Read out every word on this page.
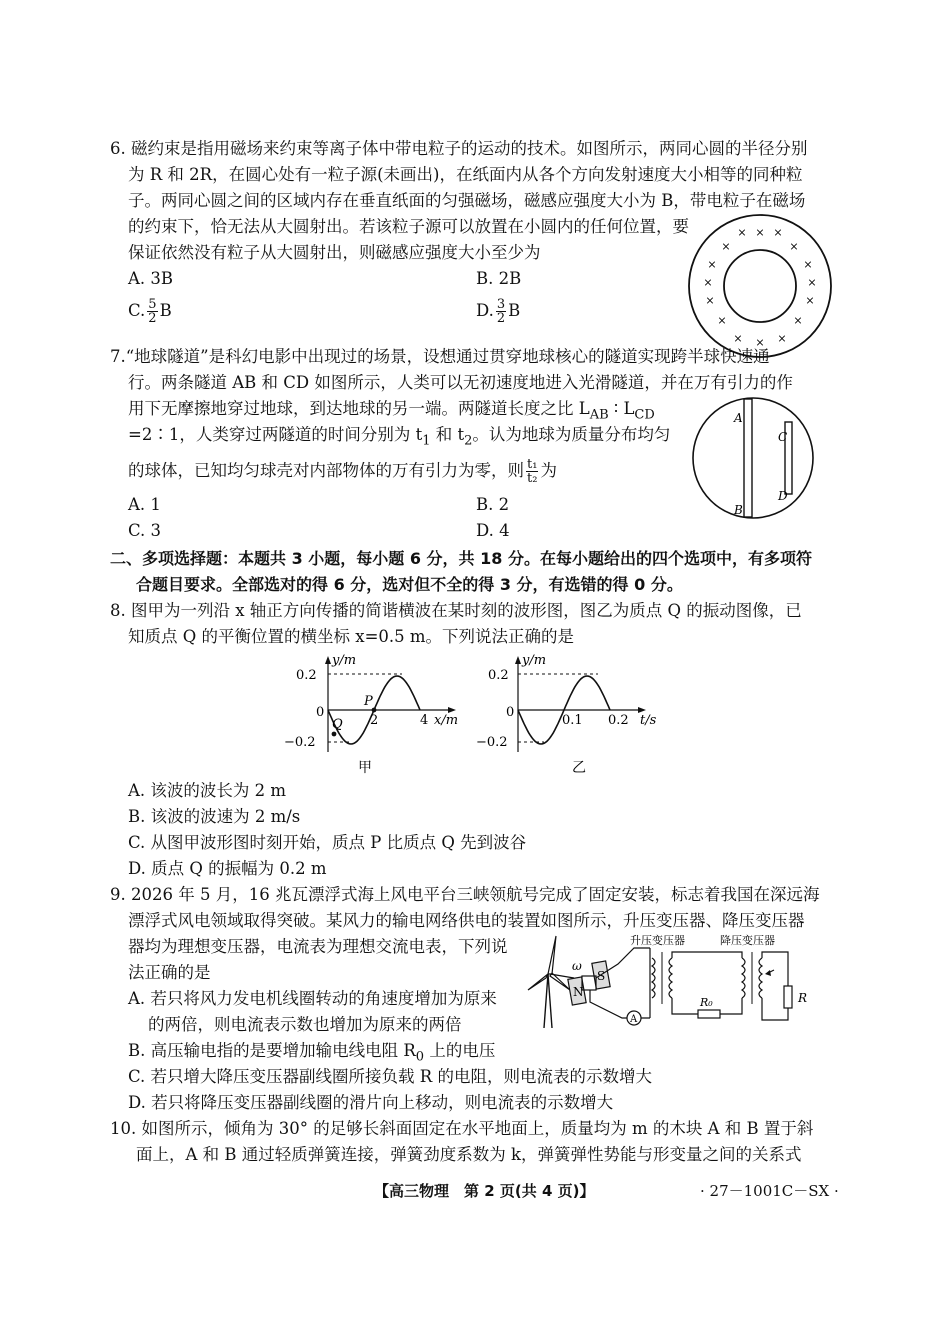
6. 磁约束是指用磁场来约束等离子体中带电粒子的运动的技术。如图所示，两同心圆的半径分别
为 R 和 2R，在圆心处有一粒子源(未画出)，在纸面内从各个方向发射速度大小相等的同种粒
子。两同心圆之间的区域内存在垂直纸面的匀强磁场，磁感应强度大小为 B，带电粒子在磁场
的约束下，恰无法从大圆射出。若该粒子源可以放置在小圆内的任何位置，要
保证依然没有粒子从大圆射出，则磁感应强度大小至少为
A. 3B	B. 2B
C. $\frac{5}{2}$ B	D. $\frac{3}{2}$ B
× × ×
×	×
×	×
×	×
×	×
×	×
× × ×
7.“地球隧道”是科幻电影中出现过的场景，设想通过贯穿地球核心的隧道实现跨半球快速通
行。两条隧道 AB 和 CD 如图所示，人类可以无初速度地进入光滑隧道，并在万有引力的作
用下无摩擦地穿过地球，到达地球的另一端。两隧道长度之比 $L_{AB}$ ∶ $L_{CD}$
=2∶1，人类穿过两隧道的时间分别为 $t_1$ 和 $t_2$。认为地球为质量分布均匀
的球体，已知均匀球壳对内部物体的万有引力为零，则 $\frac{\text{t₁}}{\text{t₂}}$ 为
A. 1	B. 2
C. 3	D. 4
A
B
C
D
二、多项选择题：本题共 3 小题，每小题 6 分，共 18 分。在每小题给出的四个选项中，有多项符
合题目要求。全部选对的得 6 分，选对但不全的得 3 分，有选错的得 0 分。
8. 图甲为一列沿 x 轴正方向传播的简谐横波在某时刻的波形图，图乙为质点 Q 的振动图像，已
知质点 Q 的平衡位置的横坐标 x=0.5 m。下列说法正确的是
y/m
x/m
0.2
−0.2
0
2	4
P
Q
甲
y/m
t/s
0.2
−0.2
0
0.1 0.2
乙
A. 该波的波长为 2 m
B. 该波的波速为 2 m/s
C. 从图甲波形图时刻开始，质点 P 比质点 Q 先到波谷
D. 质点 Q 的振幅为 0.2 m
9. 2026 年 5 月，16 兆瓦漂浮式海上风电平台三峡领航号完成了固定安装，标志着我国在深远海
漂浮式风电领域取得突破。某风力的输电网络供电的装置如图所示，升压变压器、降压变压器
器均为理想变压器，电流表为理想交流电表，下列说
法正确的是
A. 若只将风力发电机线圈转动的角速度增加为原来
的两倍，则电流表示数也增加为原来的两倍
B. 高压输电指的是要增加输电线电阻 $R_0$ 上的电压
C. 若只增大降压变压器副线圈所接负载 R 的电阻，则电流表的示数增大
D. 若只将降压变压器副线圈的滑片向上移动，则电流表的示数增大
ω
N
S
A
升压变压器
R₀
降压变压器
R
10. 如图所示，倾角为 30° 的足够长斜面固定在水平地面上，质量均为 m 的木块 A 和 B 置于斜
面上，A 和 B 通过轻质弹簧连接，弹簧劲度系数为 k，弹簧弹性势能与形变量之间的关系式
【高三物理　第 2 页(共 4 页)】	· 27－1001C－SX ·
